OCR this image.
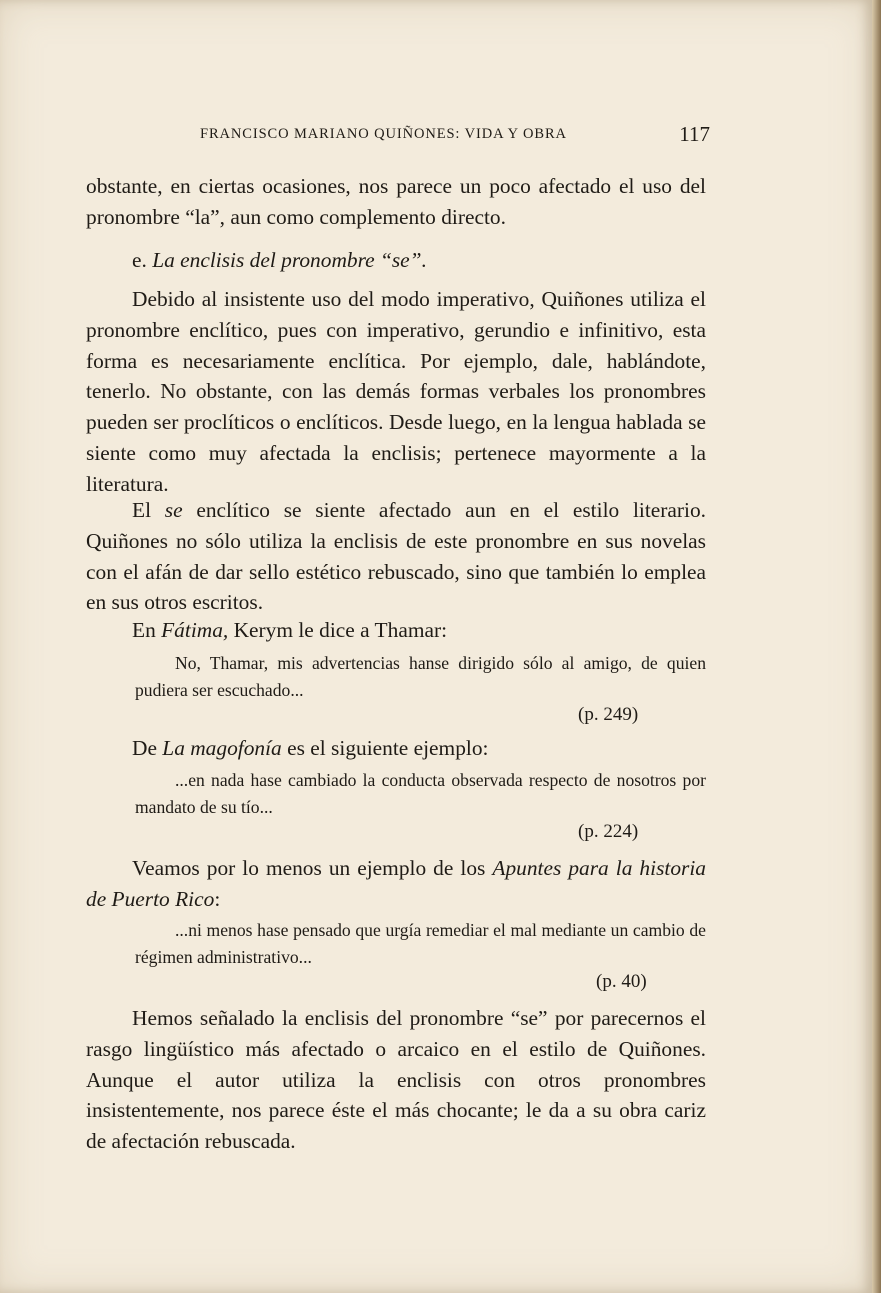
FRANCISCO MARIANO QUIÑONES: VIDA Y OBRA	117

obstante, en ciertas ocasiones, nos parece un poco afectado el uso del pronombre “la”, aun como complemento directo.

e. La enclisis del pronombre “se”.

Debido al insistente uso del modo imperativo, Quiñones utiliza el pronombre enclítico, pues con imperativo, gerundio e infinitivo, esta forma es necesariamente enclítica. Por ejemplo, dale, hablándote, tenerlo. No obstante, con las demás formas verbales los pronombres pueden ser proclíticos o enclíticos. Desde luego, en la lengua hablada se siente como muy afectada la enclisis; pertenece mayormente a la literatura.

El se enclítico se siente afectado aun en el estilo literario. Quiñones no sólo utiliza la enclisis de este pronombre en sus novelas con el afán de dar sello estético rebuscado, sino que también lo emplea en sus otros escritos.

En Fátima, Kerym le dice a Thamar:

No, Thamar, mis advertencias hanse dirigido sólo al amigo, de quien pudiera ser escuchado...
(p. 249)

De La magofonía es el siguiente ejemplo:

...en nada hase cambiado la conducta observada respecto de nosotros por mandato de su tío...
(p. 224)

Veamos por lo menos un ejemplo de los Apuntes para la historia de Puerto Rico:

...ni menos hase pensado que urgía remediar el mal mediante un cambio de régimen administrativo...
(p. 40)

Hemos señalado la enclisis del pronombre “se” por parecernos el rasgo lingüístico más afectado o arcaico en el estilo de Quiñones. Aunque el autor utiliza la enclisis con otros pronombres insistentemente, nos parece éste el más chocante; le da a su obra cariz de afectación rebuscada.
